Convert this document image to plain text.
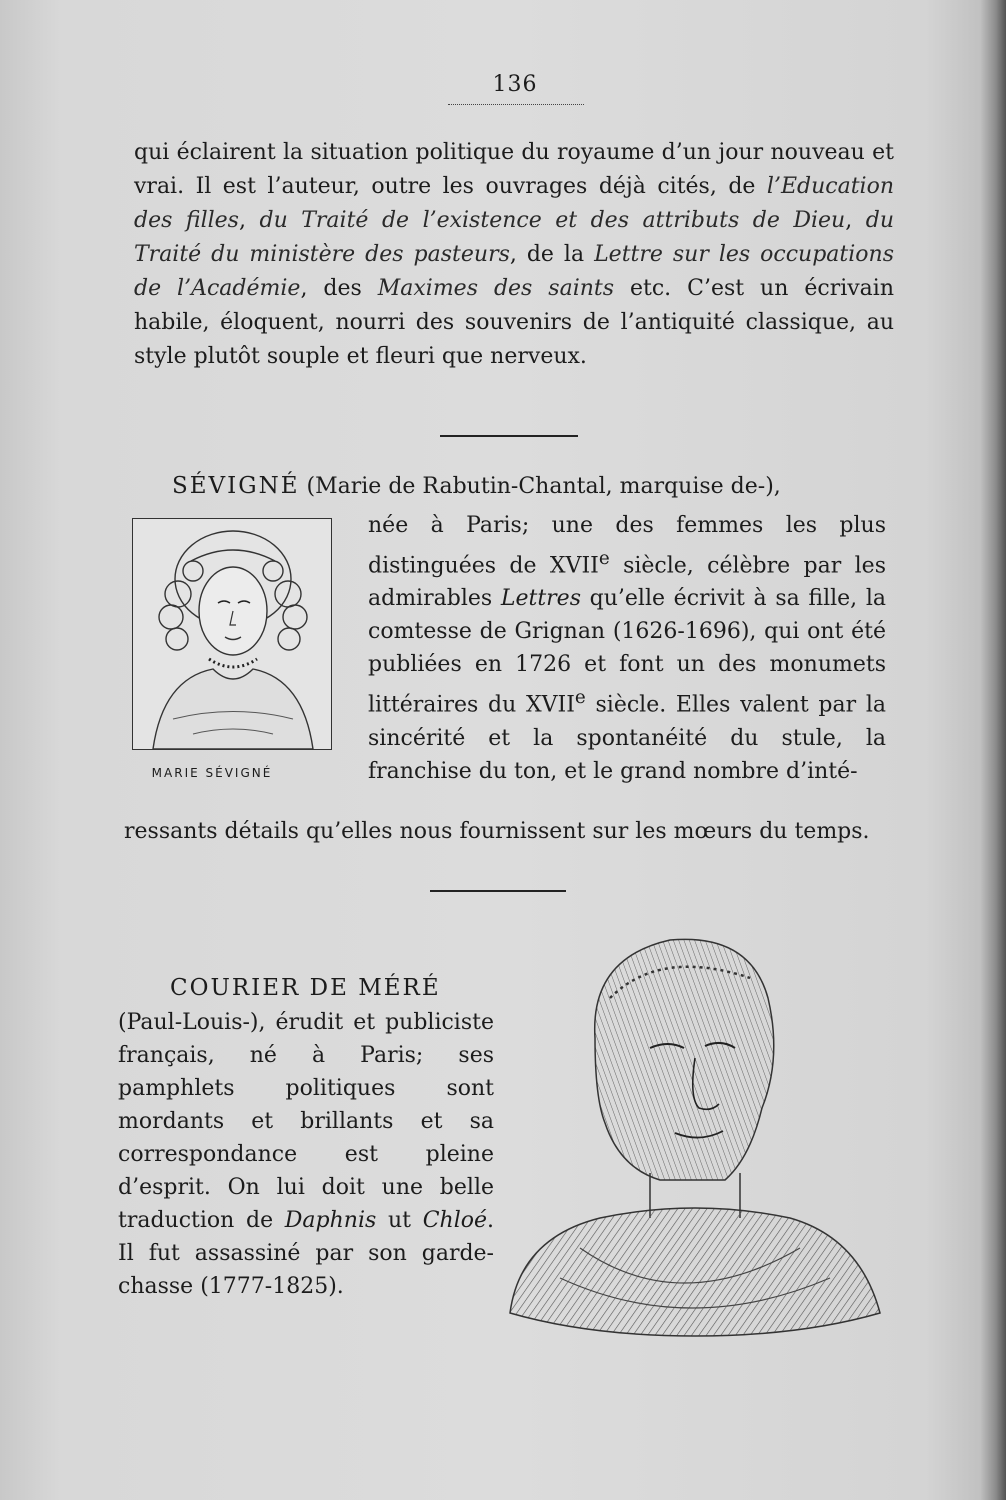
136

qui éclairent la situation politique du royaume d’un jour nouveau et vrai. Il est l’auteur, outre les ouvrages déjà cités, de l’Education des filles, du Traité de l’existence et des attributs de Dieu, du Traité du ministère des pasteurs, de la Lettre sur les occupations de l’Académie, des Maximes des saints etc. C’est un écrivain habile, éloquent, nourri des souvenirs de l’antiquité classique, au style plutôt souple et fleuri que nerveux.

SÉVIGNÉ (Marie de Rabutin-Chantal, marquise de-),
MARIE SÉVIGNÉ

née à Paris; une des femmes les plus distinguées de XVIIe siècle, célèbre par les admirables Lettres qu’elle écrivit à sa fille, la comtesse de Grignan (1626-1696), qui ont été publiées en 1726 et font un des monumets littéraires du XVIIe siècle. Elles valent par la sincérité et la spontanéité du stule, la franchise du ton, et le grand nombre d’inté-

ressants détails qu’elles nous fournissent sur les mœurs du temps.

COURIER DE MÉRÉ

(Paul-Louis-), érudit et publiciste français, né à Paris; ses pamphlets politiques sont mordants et brillants et sa correspondance est pleine d’esprit. On lui doit une belle traduction de Daphnis ut Chloé. Il fut assassiné par son garde-chasse (1777-1825).
